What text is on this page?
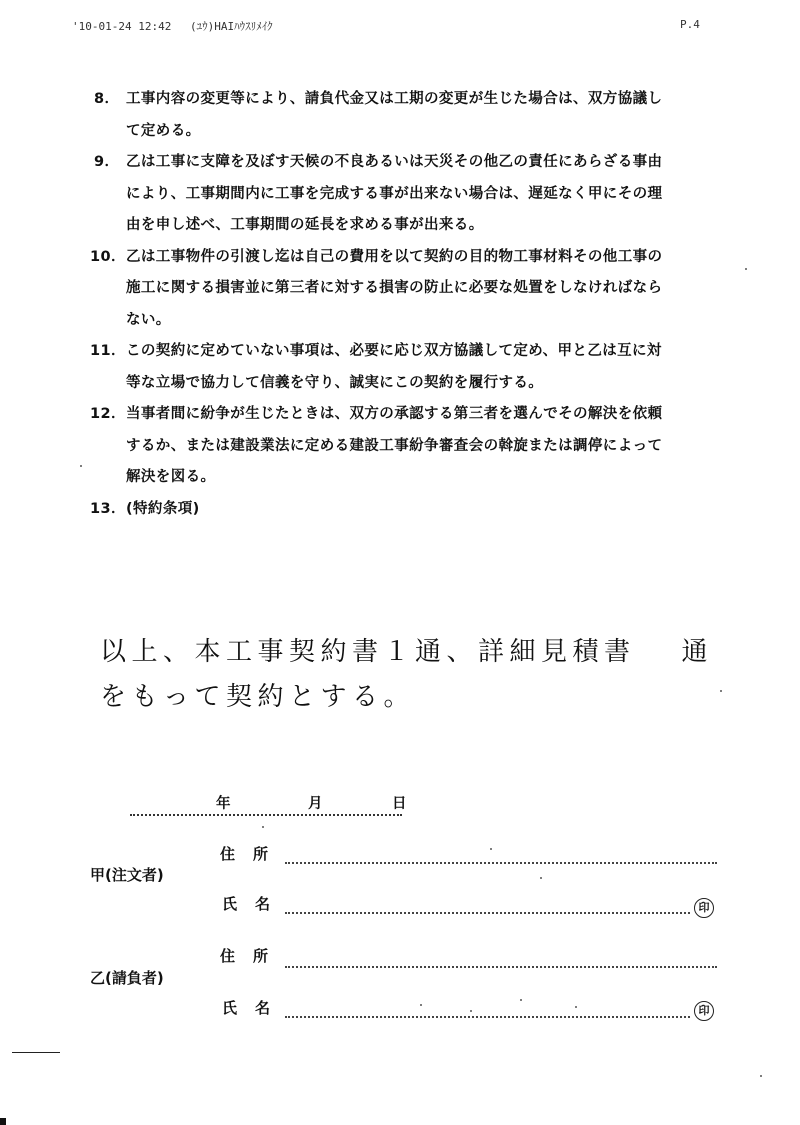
'10-01-24 12:42 (ﾕｳ)HAIﾊｳｽﾘﾒｲｸ	P.4
8． 工事内容の変更等により、請負代金又は工期の変更が生じた場合は、双方協議し
て定める。
9． 乙は工事に支障を及ぼす天候の不良あるいは天災その他乙の責任にあらざる事由
により、工事期間内に工事を完成する事が出来ない場合は、遅延なく甲にその理
由を申し述べ、工事期間の延長を求める事が出来る。
10． 乙は工事物件の引渡し迄は自己の費用を以て契約の目的物工事材料その他工事の
施工に関する損害並に第三者に対する損害の防止に必要な処置をしなければなら
ない。
11． この契約に定めていない事項は、必要に応じ双方協議して定め、甲と乙は互に対
等な立場で協力して信義を守り、誠実にこの契約を履行する。
12． 当事者間に紛争が生じたときは、双方の承認する第三者を選んでその解決を依頼
するか、または建設業法に定める建設工事紛争審査会の斡旋または調停によって
解決を図る。
13． (特約条項)
以上、本工事契約書１通、詳細見積書 通
をもって契約とする。
年	月	日
甲(注文者)
住所
氏名	印
乙(請負者)
住所
氏名	印
